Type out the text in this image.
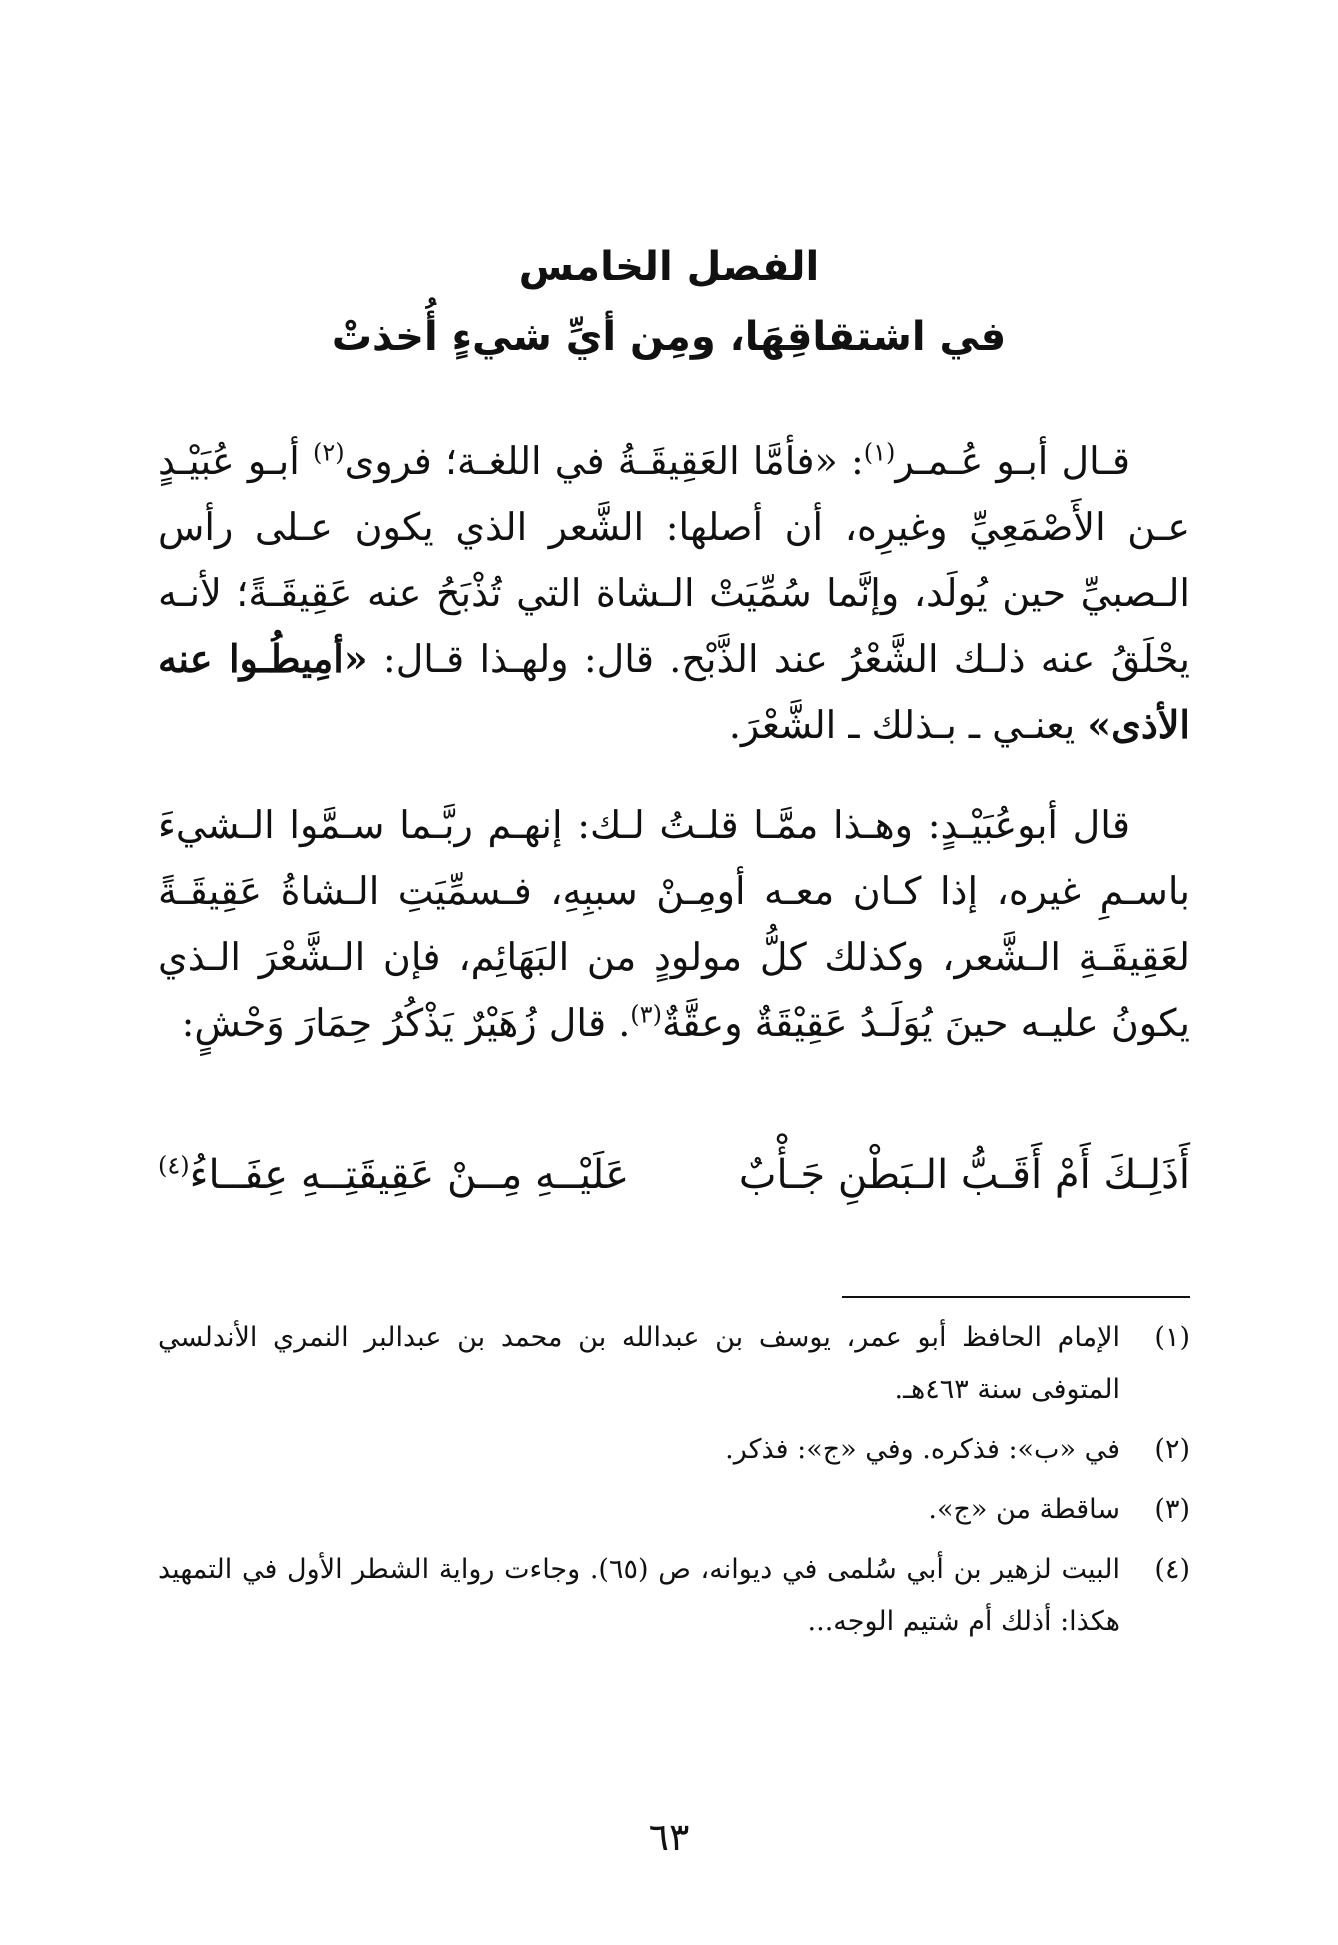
الفصل الخامس

في اشتقاقِهَا، ومِن أيِّ شيءٍ أُخذتْ

قـال أبـو عُـمـر$^{(١)}$: «فأمَّا العَقِيقَـةُ في اللغـة؛ فروى$^{(٢)}$ أبـو عُبَيْـدٍ عـن الأَصْمَعِيِّ وغيرِه، أن أصلها: الشَّعر الذي يكون عـلى رأس الـصبيِّ حين يُولَد، وإنَّما سُمِّيَتْ الـشاة التي تُذْبَحُ عنه عَقِيقَـةً؛ لأنـه يحْلَقُ عنه ذلـك الشَّعْرُ عند الذَّبْح. قال: ولهـذا قـال: «أمِيطُـوا عنه الأذى» يعنـي ـ بـذلك ـ الشَّعْرَ.

قال أبوعُبَيْـدٍ: وهـذا ممَّـا قلـتُ لـك: إنهـم ربَّـما سـمَّوا الـشيءَ باسـمِ غيره، إذا كـان معـه أومِـنْ سببِهِ، فـسمِّيَتِ الـشاةُ عَقِيقَـةً لعَقِيقَـةِ الـشَّعر، وكذلك كلُّ مولودٍ من البَهَائِم، فإن الـشَّعْرَ الـذي يكونُ عليـه حينَ يُوَلَـدُ عَقِيْقَةٌ وعقَّةٌ$^{(٣)}$. قال زُهَيْرٌ يَذْكُرُ حِمَارَ وَحْشٍ:

أَذَلِـكَ أَمْ أَقَـبُّ الـبَطْنِ جَـأْبٌ
عَلَيْــهِ مِــنْ عَقِيقَتِــهِ عِفَــاءُ$^{(٤)}$
(١)
الإمام الحافظ أبو عمر، يوسف بن عبدالله بن محمد بن عبدالبر النمري الأندلسي المتوفى سنة ٤٦٣هـ.
(٢)
في «ب»: فذكره. وفي «ج»: فذكر.
(٣)
ساقطة من «ج».
(٤)
البيت لزهير بن أبي سُلمى في ديوانه، ص (٦٥). وجاءت رواية الشطر الأول في التمهيد هكذا: أذلك أم شتيم الوجه...
٦٣
